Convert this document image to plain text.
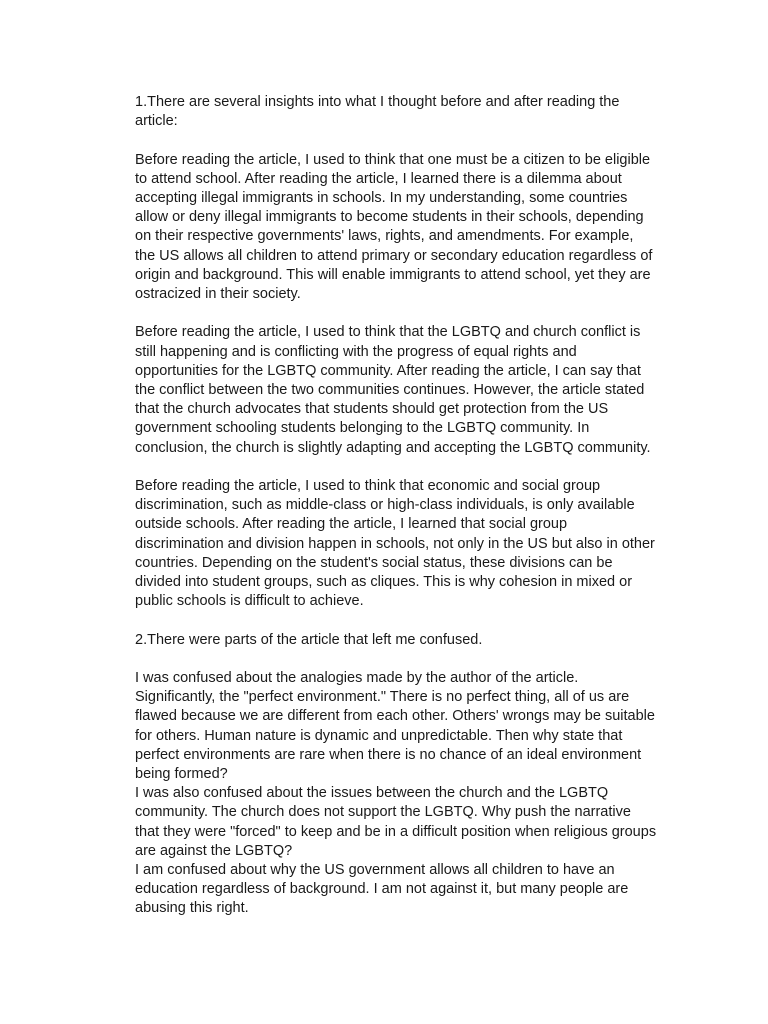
1.There are several insights into what I thought before and after reading the
article:

Before reading the article, I used to think that one must be a citizen to be eligible
to attend school. After reading the article, I learned there is a dilemma about
accepting illegal immigrants in schools. In my understanding, some countries
allow or deny illegal immigrants to become students in their schools, depending
on their respective governments' laws, rights, and amendments. For example,
the US allows all children to attend primary or secondary education regardless of
origin and background. This will enable immigrants to attend school, yet they are
ostracized in their society.

Before reading the article, I used to think that the LGBTQ and church conflict is
still happening and is conflicting with the progress of equal rights and
opportunities for the LGBTQ community. After reading the article, I can say that
the conflict between the two communities continues. However, the article stated
that the church advocates that students should get protection from the US
government schooling students belonging to the LGBTQ community. In
conclusion, the church is slightly adapting and accepting the LGBTQ community.

Before reading the article, I used to think that economic and social group
discrimination, such as middle-class or high-class individuals, is only available
outside schools. After reading the article, I learned that social group
discrimination and division happen in schools, not only in the US but also in other
countries. Depending on the student's social status, these divisions can be
divided into student groups, such as cliques. This is why cohesion in mixed or
public schools is difficult to achieve.

2.There were parts of the article that left me confused.

I was confused about the analogies made by the author of the article.
Significantly, the "perfect environment." There is no perfect thing, all of us are
flawed because we are different from each other. Others' wrongs may be suitable
for others. Human nature is dynamic and unpredictable. Then why state that
perfect environments are rare when there is no chance of an ideal environment
being formed?

I was also confused about the issues between the church and the LGBTQ
community. The church does not support the LGBTQ. Why push the narrative
that they were "forced" to keep and be in a difficult position when religious groups
are against the LGBTQ?

I am confused about why the US government allows all children to have an
education regardless of background. I am not against it, but many people are
abusing this right.
